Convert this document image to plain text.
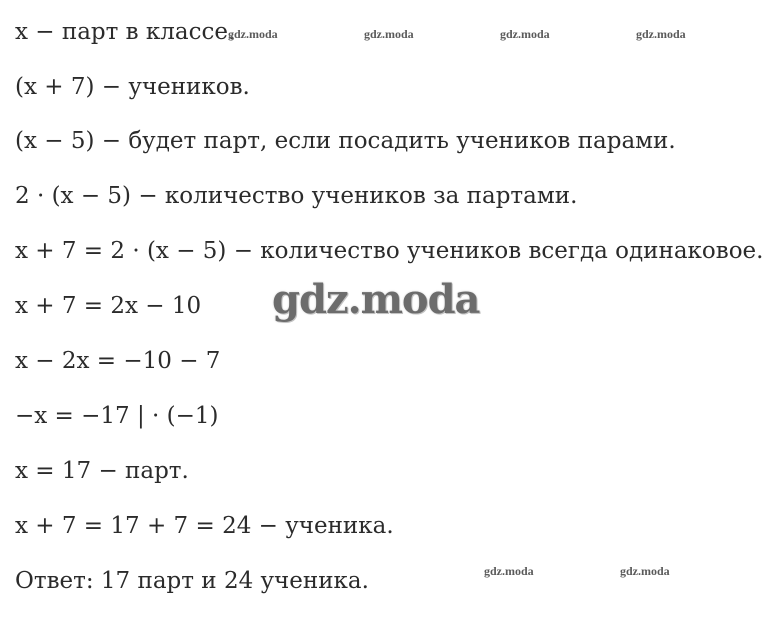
x − парт в классе.

(x + 7) − учеников.

(x − 5) − будет парт, если посадить учеников парами.

2 · (x − 5) − количество учеников за партами.

x + 7 = 2 · (x − 5) − количество учеников всегда одинаковое.

x + 7 = 2x − 10

x − 2x = −10 − 7

−x = −17 | · (−1)

x = 17 − парт.

x + 7 = 17 + 7 = 24 − ученика.

Ответ: 17 парт и 24 ученика.

gdz.moda	gdz.moda	gdz.moda	gdz.moda
gdz.moda	gdz.moda
gdz.moda
